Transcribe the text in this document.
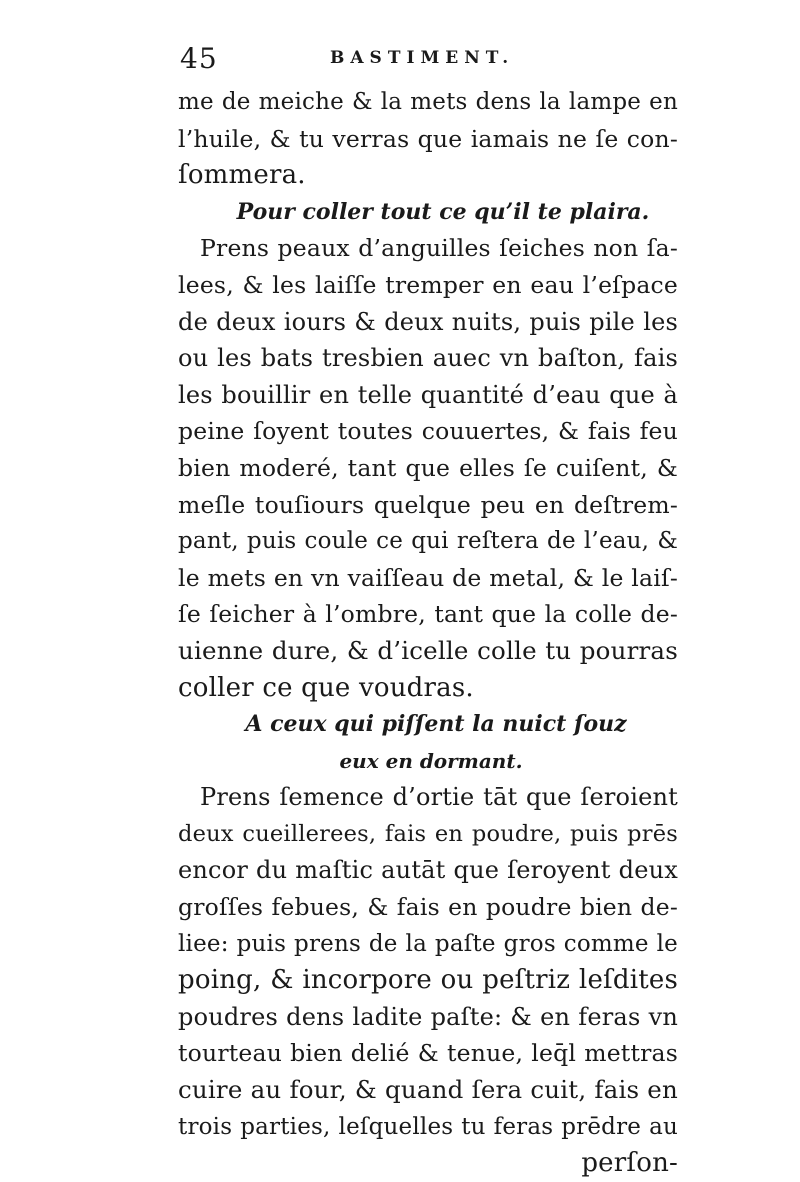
45	BASTIMENT.
me de meiche & la mets dens la lampe en
l’huile, & tu verras que iamais ne ſe con-
ſommera.
Pour coller tout ce qu’il te plaira.
Prens peaux d’anguilles ſeiches non ſa-
lees, & les laiſſe tremper en eau l’eſpace
de deux iours & deux nuits, puis pile les
ou les bats tresbien auec vn baſton, fais
les bouillir en telle quantité d’eau que à
peine ſoyent toutes couuertes, & fais feu
bien moderé, tant que elles ſe cuiſent, &
meſle touſiours quelque peu en deſtrem-
pant, puis coule ce qui reſtera de l’eau, &
le mets en vn vaiſſeau de metal, & le laiſ-
ſe ſeicher à l’ombre, tant que la colle de-
uienne dure, & d’icelle colle tu pourras
coller ce que voudras.
A ceux qui piſſent la nuict ſouz
eux en dormant.
Prens ſemence d’ortie tāt que ſeroient
deux cueillerees, fais en poudre, puis prēs
encor du maſtic autāt que ſeroyent deux
groſſes febues, & fais en poudre bien de-
liee: puis prens de la paſte gros comme le
poing, & incorpore ou peſtriz leſdites
poudres dens ladite paſte: & en feras vn
tourteau bien delié & tenue, leq̄l mettras
cuire au four, & quand ſera cuit, fais en
trois parties, leſquelles tu feras prēdre au
perſon-
